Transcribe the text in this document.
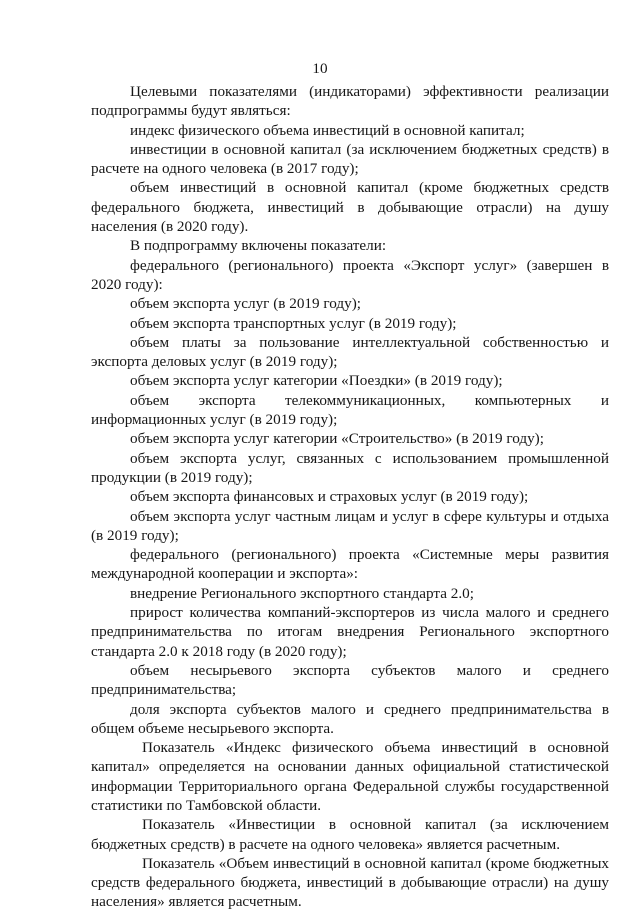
10

Целевыми показателями (индикаторами) эффективности реализации подпрограммы будут являться:

индекс физического объема инвестиций в основной капитал;

инвестиции в основной капитал (за исключением бюджетных средств) в расчете на одного человека (в 2017 году);

объем инвестиций в основной капитал (кроме бюджетных средств федерального бюджета, инвестиций в добывающие отрасли) на душу населения (в 2020 году).

В подпрограмму включены показатели:

федерального (регионального) проекта «Экспорт услуг» (завершен в 2020 году):

объем экспорта услуг (в 2019 году);

объем экспорта транспортных услуг (в 2019 году);

объем платы за пользование интеллектуальной собственностью и экспорта деловых услуг (в 2019 году);

объем экспорта услуг категории «Поездки» (в 2019 году);

объем экспорта телекоммуникационных, компьютерных и информационных услуг (в 2019 году);

объем экспорта услуг категории «Строительство» (в 2019 году);

объем экспорта услуг, связанных с использованием промышленной продукции (в 2019 году);

объем экспорта финансовых и страховых услуг (в 2019 году);

объем экспорта услуг частным лицам и услуг в сфере культуры и отдыха (в 2019 году);

федерального (регионального) проекта «Системные меры развития международной кооперации и экспорта»:

внедрение Регионального экспортного стандарта 2.0;

прирост количества компаний-экспортеров из числа малого и среднего предпринимательства по итогам внедрения Регионального экспортного стандарта 2.0 к 2018 году (в 2020 году);

объем несырьевого экспорта субъектов малого и среднего предпринимательства;

доля экспорта субъектов малого и среднего предпринимательства в общем объеме несырьевого экспорта.

Показатель «Индекс физического объема инвестиций в основной капитал» определяется на основании данных официальной статистической информации Территориального органа Федеральной службы государственной статистики по Тамбовской области.

Показатель «Инвестиции в основной капитал (за исключением бюджетных средств) в расчете на одного человека» является расчетным.

Показатель «Объем инвестиций в основной капитал (кроме бюджетных средств федерального бюджета, инвестиций в добывающие отрасли) на душу населения» является расчетным.
